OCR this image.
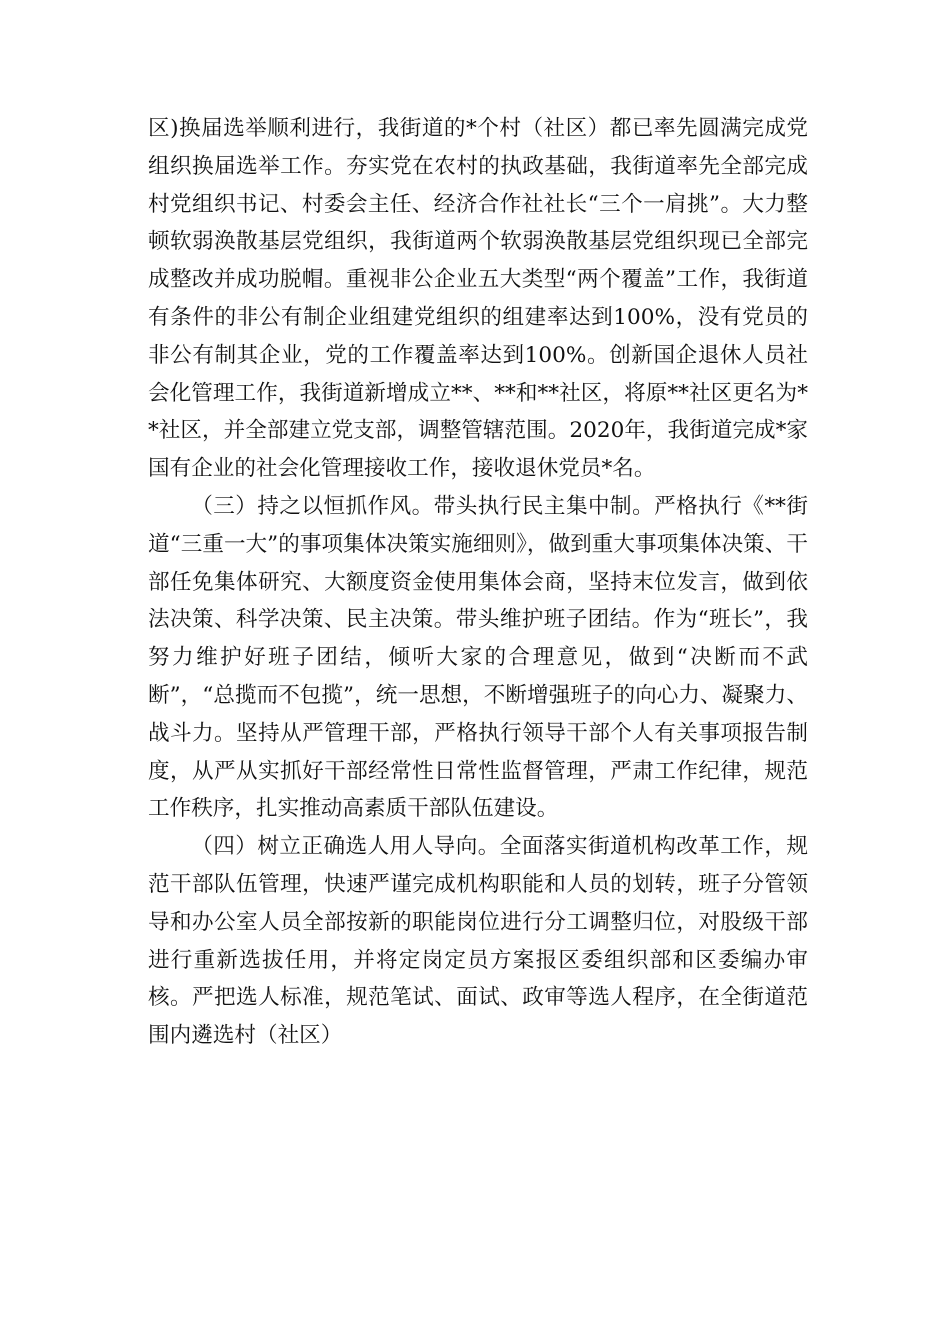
区)换届选举顺利进行，我街道的*个村（社区）都已率先圆满完成党组织换届选举工作。夯实党在农村的执政基础，我街道率先全部完成村党组织书记、村委会主任、经济合作社社长“三个一肩挑”。大力整顿软弱涣散基层党组织，我街道两个软弱涣散基层党组织现已全部完成整改并成功脱帽。重视非公企业五大类型“两个覆盖”工作，我街道有条件的非公有制企业组建党组织的组建率达到100%，没有党员的非公有制其企业，党的工作覆盖率达到100%。创新国企退休人员社会化管理工作，我街道新增成立**、**和**社区，将原**社区更名为**社区，并全部建立党支部，调整管辖范围。2020年，我街道完成*家国有企业的社会化管理接收工作，接收退休党员*名。

（三）持之以恒抓作风。带头执行民主集中制。严格执行《**街道“三重一大”的事项集体决策实施细则》，做到重大事项集体决策、干部任免集体研究、大额度资金使用集体会商，坚持末位发言，做到依法决策、科学决策、民主决策。带头维护班子团结。作为“班长”，我努力维护好班子团结，倾听大家的合理意见，做到“决断而不武断”，“总揽而不包揽”，统一思想，不断增强班子的向心力、凝聚力、战斗力。坚持从严管理干部，严格执行领导干部个人有关事项报告制度，从严从实抓好干部经常性日常性监督管理，严肃工作纪律，规范工作秩序，扎实推动高素质干部队伍建设。

（四）树立正确选人用人导向。全面落实街道机构改革工作，规范干部队伍管理，快速严谨完成机构职能和人员的划转，班子分管领导和办公室人员全部按新的职能岗位进行分工调整归位，对股级干部进行重新选拔任用，并将定岗定员方案报区委组织部和区委编办审核。严把选人标准，规范笔试、面试、政审等选人程序，在全街道范围内遴选村（社区）
